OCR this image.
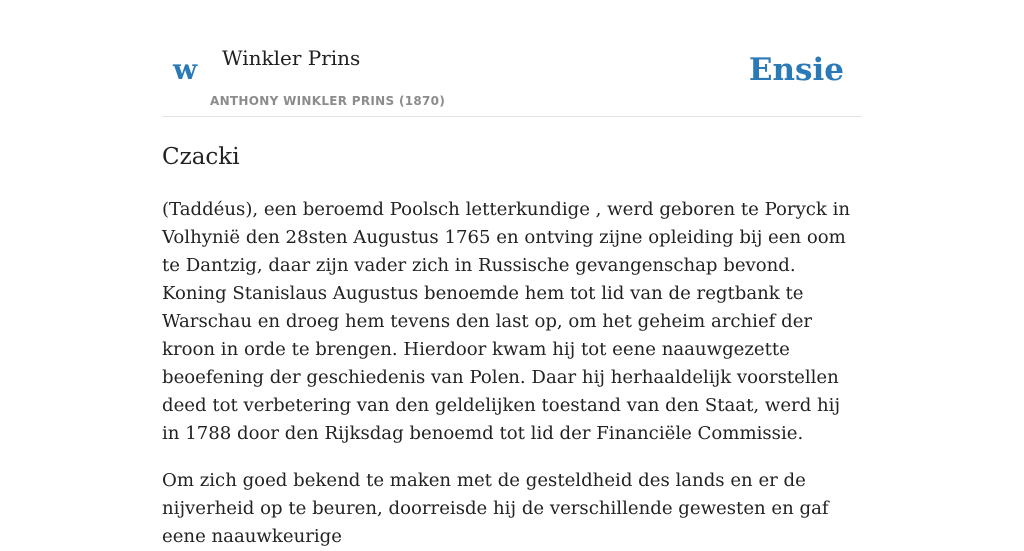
w Winkler Prins
ANTHONY WINKLER PRINS (1870)
Ensie
Czacki

(Taddéus), een beroemd Poolsch letterkundige , werd geboren te Poryck in Volhynië den 28sten Augustus 1765 en ontving zijne opleiding bij een oom te Dantzig, daar zijn vader zich in Russische gevangenschap bevond. Koning Stanislaus Augustus benoemde hem tot lid van de regtbank te Warschau en droeg hem tevens den last op, om het geheim archief der kroon in orde te brengen. Hierdoor kwam hij tot eene naauwgezette beoefening der geschiedenis van Polen. Daar hij herhaaldelijk voorstellen deed tot verbetering van den geldelijken toestand van den Staat, werd hij in 1788 door den Rijksdag benoemd tot lid der Financiële Commissie.

Om zich goed bekend te maken met de gesteldheid des lands en er de nijverheid op te beuren, doorreisde hij de verschillende gewesten en gaf eene naauwkeurige
